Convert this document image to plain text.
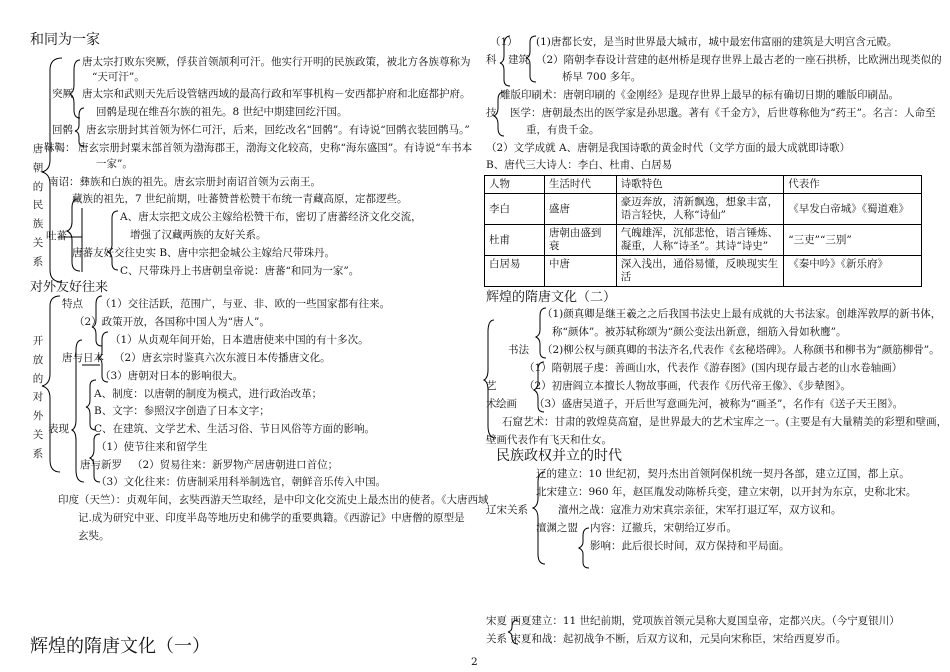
和同为一家
唐
朝
的
民
族
关
系
唐太宗打败东突厥，俘获首领颉利可汗。他实行开明的民族政策，被北方各族尊称为
“天可汗”。
突厥 唐太宗和武则天先后设管辖西域的最高行政和军事机构－安西都护府和北庭都护府。
回鹘是现在维吾尔族的祖先。8 世纪中期建回纥汗国。
回鹘 唐玄宗册封其首领为怀仁可汗，后来，回纥改名“回鹘”。有诗说“回鹘衣装回鹘马。”
靺鞨： 唐玄宗册封粟末部首领为渤海郡王，渤海文化较高，史称“海东盛国”。有诗说“车书本
一家”。
南诏：彝族和白族的祖先。唐玄宗册封南诏首领为云南王。
藏族的祖先，7 世纪前期，吐蕃赞普松赞干布统一青藏高原，定都逻些。
A、唐太宗把文成公主嫁给松赞干布，密切了唐蕃经济文化交流，
吐蕃	增强了汉藏两族的友好关系。
唐蕃友好交往史实 B、唐中宗把金城公主嫁给尺带珠丹。
C、尺带珠丹上书唐朝皇帝说：唐蕃“和同为一家”。
对外友好往来
开
放
的
对
外
关
系
特点 （1）交往活跃，范围广，与亚、非、欧的一些国家都有往来。
（2）政策开放，各国称中国人为“唐人”。
（1）从贞观年间开始，日本遣唐使来中国的有十多次。
唐与日本 （2）唐玄宗时鉴真六次东渡日本传播唐文化。
（3）唐朝对日本的影响很大。
A、制度：以唐朝的制度为模式，进行政治改革；
B、文字：参照汉字创造了日本文字；
表现 C、在建筑、文学艺术、生活习俗、节日风俗等方面的影响。
（1）使节往来和留学生
唐与新罗 （2）贸易往来：新罗物产居唐朝进口首位；
（3）文化往来：仿唐制采用科举制选官，朝鲜音乐传入中国。
印度（天竺）：贞观年间，玄奘西游天竺取经，是中印文化交流史上最杰出的使者。《大唐西域
记.成为研究中亚、印度半岛等地历史和佛学的重要典籍。《西游记》中唐僧的原型是
玄奘。
辉煌的隋唐文化（一）
（1） (1)唐都长安，是当时世界最大城市，城中最宏伟富丽的建筑是大明宫含元殿。
科 建筑 （2）隋朝李春设计营建的赵州桥是现存世界上最古老的一座石拱桥，比欧洲出现类似的
桥早 700 多年。
雕版印刷术：唐朝印刷的《金刚经》是现存世界上最早的标有确切日期的雕版印刷品。
技 医学：唐朝最杰出的医学家是孙思邈。著有《千金方》，后世尊称他为“药王”。名言：人命至
重，有贵千金。
（2）文学成就 A、唐朝是我国诗歌的黄金时代（文学方面的最大成就即诗歌）
B、唐代三大诗人：李白、杜甫、白居易
人物	生活时代	诗歌特色	代表作
李白	盛唐	豪迈奔放，清新飘逸，想象丰富，语言轻快，人称“诗仙”	《早发白帝城》《蜀道难》
杜甫	唐朝由盛到衰	气魄雄浑，沉郁悲怆，语言锤炼、凝重，人称“诗圣”。其诗“诗史”	“三吏”“三别”
白居易	中唐	深入浅出，通俗易懂，反映现实生活	《秦中吟》《新乐府》
辉煌的隋唐文化（二）
（1)颜真卿是继王羲之之后我国书法史上最有成就的大书法家。创雄浑敦厚的新书体，
称“颜体”。被苏轼称颂为“颜公变法出新意，细筋入骨如秋鹰”。
书法 （2)柳公权与颜真卿的书法齐名,代表作《玄秘塔碑》。人称颜书和柳书为“颜筋柳骨”。
（1）隋朝展子虔：善画山水，代表作《游春图》(国内现存最古老的山水卷轴画）
艺	（2）初唐阎立本擅长人物故事画，代表作《历代帝王像》、《步辇图》。
术 绘画 （3）盛唐吴道子，开后世写意画先河，被称为“画圣”，名作有《送子天王图》。
石窟艺术：甘肃的敦煌莫高窟，是世界最大的艺术宝库之一。(主要是有大量精美的彩塑和壁画，
壁画代表作有飞天和仕女。
民族政权并立的时代
辽的建立：10 世纪初，契丹杰出首领阿保机统一契丹各部，建立辽国，都上京。
北宋建立：960 年，赵匡胤发动陈桥兵变，建立宋朝，以开封为东京，史称北宋。
辽宋关系	澶州之战：寇准力劝宋真宗亲征，宋军打退辽军，双方议和。
澶渊之盟 内容：辽撤兵，宋朝给辽岁币。
影响：此后很长时间，双方保持和平局面。
宋夏 西夏建立：11 世纪前期，党项族首领元昊称大夏国皇帝，定都兴庆。（今宁夏银川）
关系 宋夏和战：起初战争不断，后双方议和，元昊向宋称臣，宋给西夏岁币。
2
